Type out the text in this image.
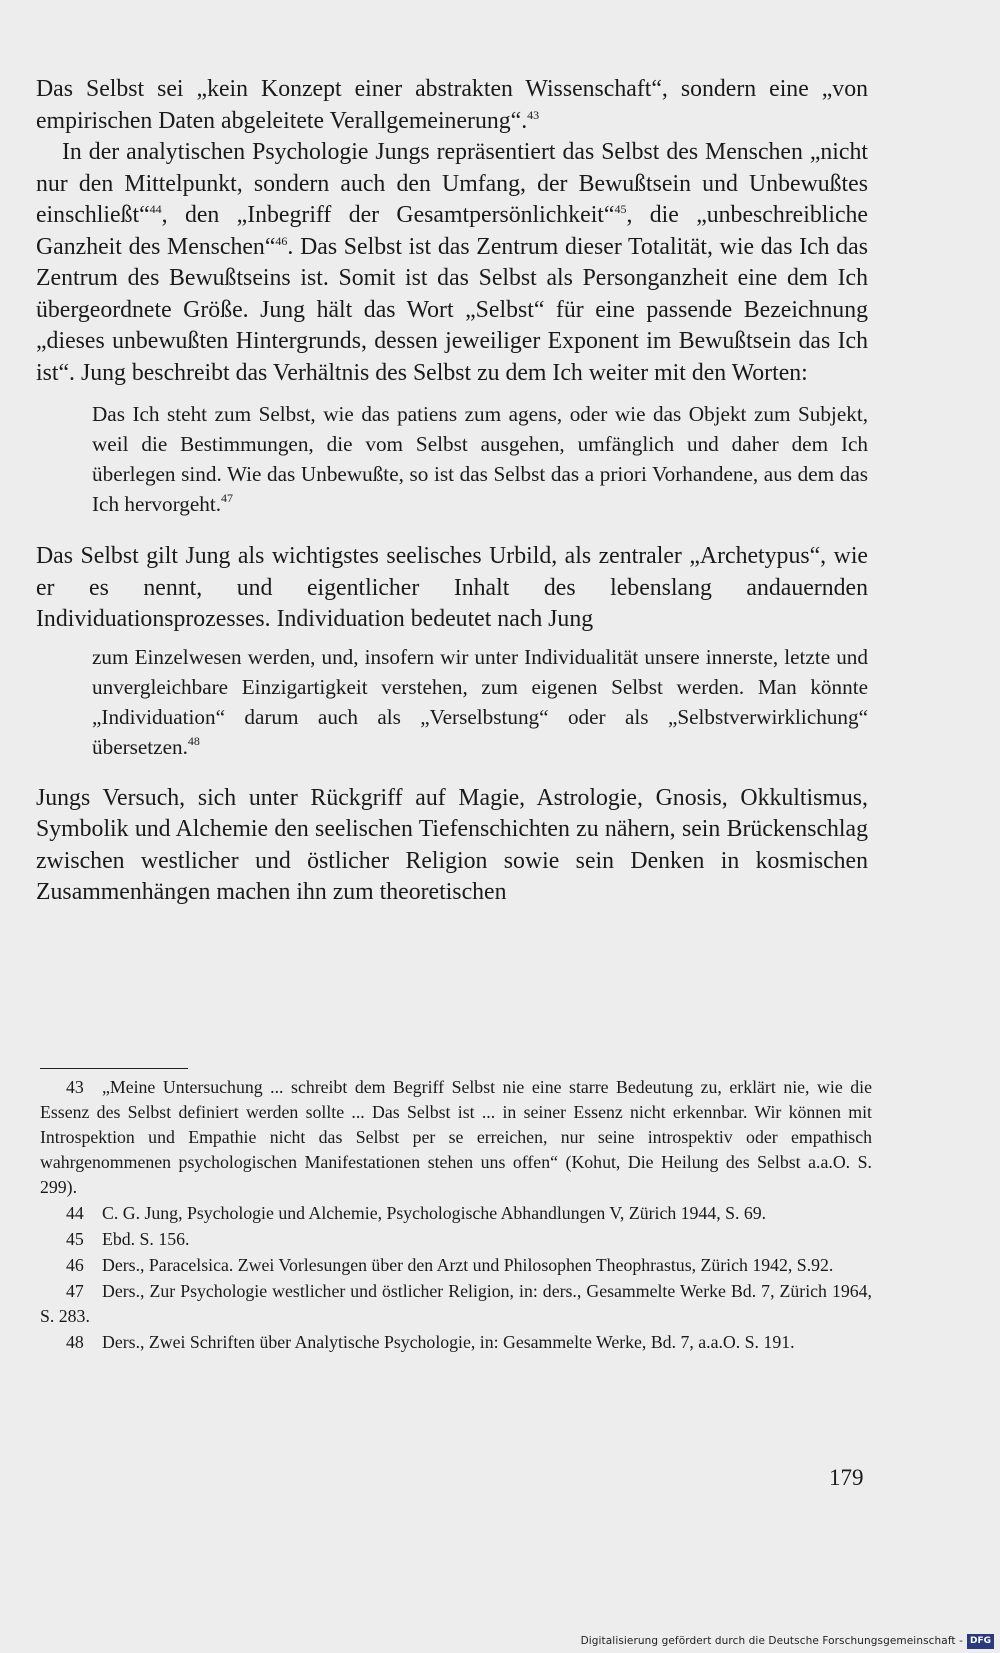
Das Selbst sei „kein Konzept einer abstrakten Wissenschaft“, sondern eine „von empirischen Daten abgeleitete Verallgemeinerung“.$^{43}$

In der analytischen Psychologie Jungs repräsentiert das Selbst des Menschen „nicht nur den Mittelpunkt, sondern auch den Umfang, der Bewußtsein und Unbewußtes einschließt“$^{44}$, den „Inbegriff der Gesamtpersönlichkeit“$^{45}$, die „unbeschreibliche Ganzheit des Menschen“$^{46}$. Das Selbst ist das Zentrum dieser Totalität, wie das Ich das Zentrum des Bewußtseins ist. Somit ist das Selbst als Personganzheit eine dem Ich übergeordnete Größe. Jung hält das Wort „Selbst“ für eine passende Bezeichnung „dieses unbewußten Hintergrunds, dessen jeweiliger Exponent im Bewußtsein das Ich ist“. Jung beschreibt das Verhältnis des Selbst zu dem Ich weiter mit den Worten:

Das Ich steht zum Selbst, wie das patiens zum agens, oder wie das Objekt zum Subjekt, weil die Bestimmungen, die vom Selbst ausgehen, umfänglich und daher dem Ich überlegen sind. Wie das Unbewußte, so ist das Selbst das a priori Vorhandene, aus dem das Ich hervorgeht.$^{47}$

Das Selbst gilt Jung als wichtigstes seelisches Urbild, als zentraler „Archetypus“, wie er es nennt, und eigentlicher Inhalt des lebenslang andauernden Individuationsprozesses. Individuation bedeutet nach Jung

zum Einzelwesen werden, und, insofern wir unter Individualität unsere innerste, letzte und unvergleichbare Einzigartigkeit verstehen, zum eigenen Selbst werden. Man könnte „Individuation“ darum auch als „Verselbstung“ oder als „Selbstverwirklichung“ übersetzen.$^{48}$

Jungs Versuch, sich unter Rückgriff auf Magie, Astrologie, Gnosis, Okkultismus, Symbolik und Alchemie den seelischen Tiefenschichten zu nähern, sein Brückenschlag zwischen westlicher und östlicher Religion sowie sein Denken in kosmischen Zusammenhängen machen ihn zum theoretischen

43 „Meine Untersuchung ... schreibt dem Begriff Selbst nie eine starre Bedeutung zu, erklärt nie, wie die Essenz des Selbst definiert werden sollte ... Das Selbst ist ... in seiner Essenz nicht erkennbar. Wir können mit Introspektion und Empathie nicht das Selbst per se erreichen, nur seine introspektiv oder empathisch wahrgenommenen psychologischen Manifestationen stehen uns offen“ (Kohut, Die Heilung des Selbst a.a.O. S. 299).

44 C. G. Jung, Psychologie und Alchemie, Psychologische Abhandlungen V, Zürich 1944, S. 69.

45 Ebd. S. 156.

46 Ders., Paracelsica. Zwei Vorlesungen über den Arzt und Philosophen Theophrastus, Zürich 1942, S.92.

47 Ders., Zur Psychologie westlicher und östlicher Religion, in: ders., Gesammelte Werke Bd. 7, Zürich 1964, S. 283.

48 Ders., Zwei Schriften über Analytische Psychologie, in: Gesammelte Werke, Bd. 7, a.a.O. S. 191.

179
Digitalisierung gefördert durch die Deutsche Forschungsgemeinschaft - DFG
